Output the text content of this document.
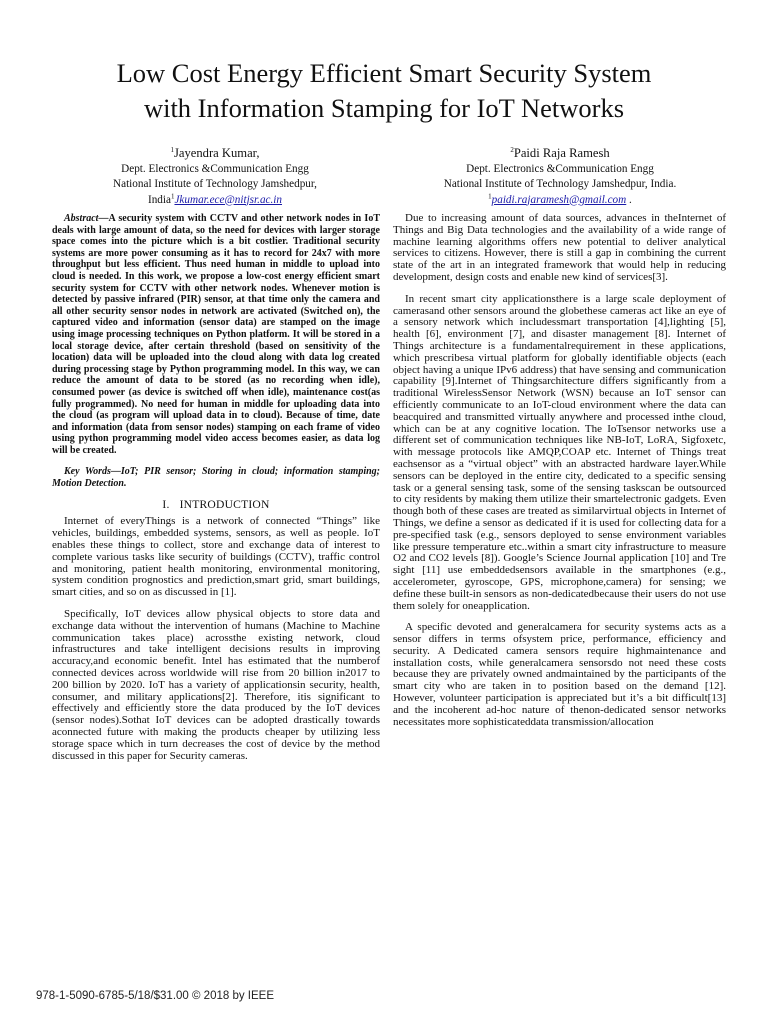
Low Cost Energy Efficient Smart Security System
with Information Stamping for IoT Networks
$^1$Jayendra Kumar,
Dept. Electronics &Communication Engg
National Institute of Technology Jamshedpur,
India$^1$Jkumar.ece@nitjsr.ac.in
$^2$Paidi Raja Ramesh
Dept. Electronics &Communication Engg
National Institute of Technology Jamshedpur, India.
$^1$paidi.rajaramesh@gmail.com .

Abstract—A security system with CCTV and other network nodes in IoT deals with large amount of data, so the need for devices with larger storage space comes into the picture which is a bit costlier. Traditional security systems are more power consuming as it has to record for 24x7 with more throughput but less efficient. Thus need human in middle to upload into cloud is needed. In this work, we propose a low-cost energy efficient smart security system for CCTV with other network nodes. Whenever motion is detected by passive infrared (PIR) sensor, at that time only the camera and all other security sensor nodes in network are activated (Switched on), the captured video and information (sensor data) are stamped on the image using image processing techniques on Python platform. It will be stored in a local storage device, after certain threshold (based on sensitivity of the location) data will be uploaded into the cloud along with data log created during processing stage by Python programming model. In this way, we can reduce the amount of data to be stored (as no recording when idle), consumed power (as device is switched off when idle), maintenance cost(as fully programmed). No need for human in middle for uploading data into the cloud (as program will upload data in to cloud). Because of time, date and information (data from sensor nodes) stamping on each frame of video using python programming model video access becomes easier, as data log will be created.

Key Words—IoT; PIR sensor; Storing in cloud; information stamping; Motion Detection.

I. INTRODUCTION

Internet of everyThings is a network of connected “Things” like vehicles, buildings, embedded systems, sensors, as well as people. IoT enables these things to collect, store and exchange data of interest to complete various tasks like security of buildings (CCTV), traffic control and monitoring, patient health monitoring, environmental monitoring, system condition prognostics and prediction,smart grid, smart buildings, smart cities, and so on as discussed in [1].

Specifically, IoT devices allow physical objects to store data and exchange data without the intervention of humans (Machine to Machine communication takes place) acrossthe existing network, cloud infrastructures and take intelligent decisions results in improving accuracy,and economic benefit. Intel has estimated that the numberof connected devices across worldwide will rise from 20 billion in2017 to 200 billion by 2020. IoT has a variety of applicationsin security, health, consumer, and military applications[2]. Therefore, itis significant to effectively and efficiently store the data produced by the IoT devices (sensor nodes).Sothat IoT devices can be adopted drastically towards aconnected future with making the products cheaper by utilizing less storage space which in turn decreases the cost of device by the method discussed in this paper for Security cameras.

Due to increasing amount of data sources, advances in theInternet of Things and Big Data technologies and the availability of a wide range of machine learning algorithms offers new potential to deliver analytical services to citizens. However, there is still a gap in combining the current state of the art in an integrated framework that would help in reducing development, design costs and enable new kind of services[3].

In recent smart city applicationsthere is a large scale deployment of camerasand other sensors around the globethese cameras act like an eye of a sensory network which includessmart transportation [4],lighting [5], health [6], environment [7], and disaster management [8]. Internet of Things architecture is a fundamentalrequirement in these applications, which prescribesa virtual platform for globally identifiable objects (each object having a unique IPv6 address) that have sensing and communication capability [9].Internet of Thingsarchitecture differs significantly from a traditional WirelessSensor Network (WSN) because an IoT sensor can efficiently communicate to an IoT-cloud environment where the data can beacquired and transmitted virtually anywhere and processed inthe cloud, which can be at any cognitive location. The IoTsensor networks use a different set of communication techniques like NB-IoT, LoRA, Sigfoxetc, with message protocols like AMQP,COAP etc. Internet of Things treat eachsensor as a “virtual object” with an abstracted hardware layer.While sensors can be deployed in the entire city, dedicated to a specific sensing task or a general sensing task, some of the sensing taskscan be outsourced to city residents by making them utilize their smartelectronic gadgets. Even though both of these cases are treated as similarvirtual objects in Internet of Things, we define a sensor as dedicated if it is used for collecting data for a pre-specified task (e.g., sensors deployed to sense environment variables like pressure temperature etc..within a smart city infrastructure to measure O2 and CO2 levels [8]). Google’s Science Journal application [10] and Tre sight [11] use embeddedsensors available in the smartphones (e.g., accelerometer, gyroscope, GPS, microphone,camera) for sensing; we define these built-in sensors as non-dedicatedbecause their users do not use them solely for oneapplication.

A specific devoted and generalcamera for security systems acts as a sensor differs in terms ofsystem price, performance, efficiency and security. A Dedicated camera sensors require highmaintenance and installation costs, while generalcamera sensorsdo not need these costs because they are privately owned andmaintained by the participants of the smart city who are taken in to position based on the demand [12]. However, volunteer participation is appreciated but it’s a bit difficult[13] and the incoherent ad-hoc nature of thenon-dedicated sensor networks necessitates more sophisticateddata transmission/allocation

978-1-5090-6785-5/18/$31.00 © 2018 by IEEE
